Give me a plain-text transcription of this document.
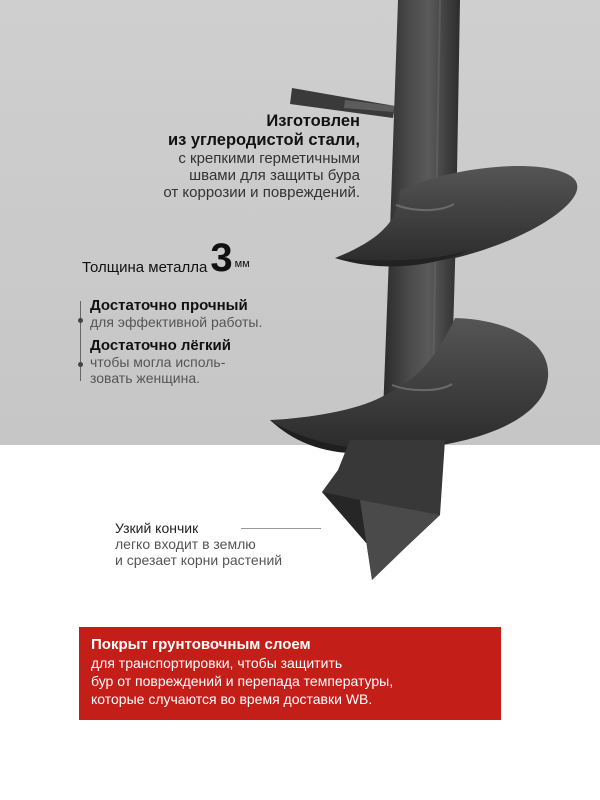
Изготовлен
из углеродистой стали,
с крепкими герметичными
швами для защиты бура
от коррозии и повреждений.
Толщина металла 3 мм
Достаточно прочный
для эффективной работы.
Достаточно лёгкий
чтобы могла исполь-
зовать женщина.
Узкий кончик
легко входит в землю
и срезает корни растений
Покрыт грунтовочным слоем
для транспортировки, чтобы защитить
бур от повреждений и перепада температуры,
которые случаются во время доставки WB.
